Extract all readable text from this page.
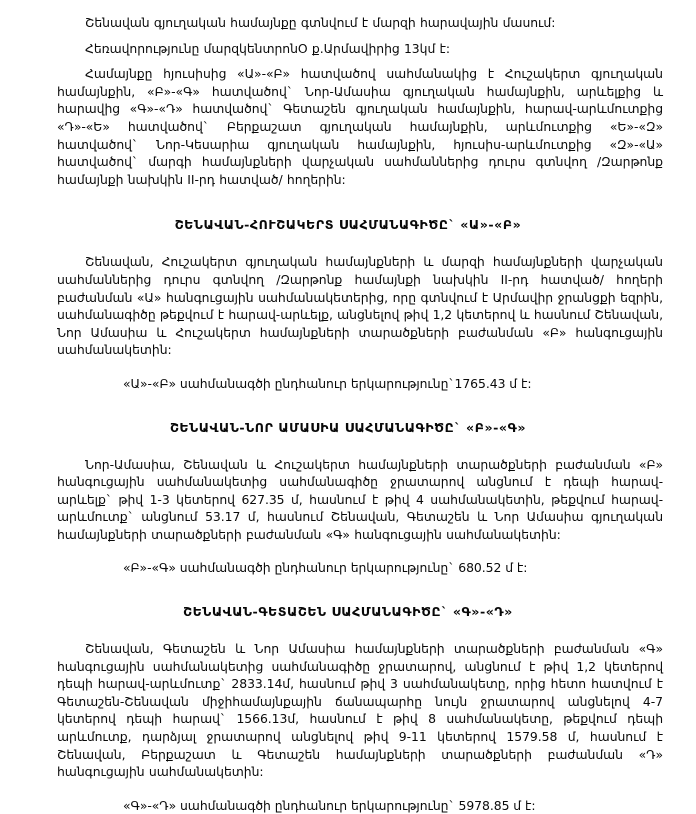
Շենավան գյուղական համայնքը գտնվում է մարզի հարավային մասում:

Հեռավորությունը մարզկենտրոնՕ ք.Արմավիրից 13կմ է:

Համայնքը հյուսիսից «Ա»-«Բ» հատվածով սահմանակից է Հուշակերտ գյուղական համայնքին, «Բ»-«Գ» հատվածով` Նոր-Ամասիա գյուղական համայնքին, արևելքից և հարավից «Գ»-«Դ» հատվածով` Գետաշեն գյուղական համայնքին, հարավ-արևմուտքից «Դ»-«Ե» հատվածով` Բերքաշատ գյուղական համայնքին, արևմուտքից «Ե»-«Զ» հատվածով` Նոր-Կեսարիա գյուղական համայնքին, հյուսիս-արևմուտքից «Զ»-«Ա» հատվածով` մարգի համայնքների վարչական սահմաններից դուրս գտնվող /Զարթոնք համայնքի նախկին II-րդ հատված/ հողերին:

ՇԵՆԱՎԱՆ-ՀՈՒՇԱԿԵՐՏ ՍԱՀՄԱՆԱԳԻԾԸ` «Ա»-«Բ»

Շենավան, Հուշակերտ գյուղական համայնքների և մարզի համայնքների վարչական սահմաններից դուրս գտնվող /Զարթոնք համայնքի նախկին II-րդ հատված/ հողերի բաժանման «Ա» հանգուցային սահմանակետերից, որը գտնվում է Արմավիր ջրանցքի եզրին, սահմանագիծը թեքվում է հարավ-արևելք, անցնելով թիվ 1,2 կետերով և հասնում Շենավան, Նոր Ամասիա և Հուշակերտ համայնքների տարածքների բաժանման «Բ» հանգուցային սահմանակետին:

«Ա»-«Բ» սահմանագծի ընդհանուր երկարությունը`1765.43 մ է:

ՇԵՆԱՎԱՆ-ՆՈՐ ԱՄԱՍԻԱ ՍԱՀՄԱՆԱԳԻԾԸ` «Բ»-«Գ»

Նոր-Ամասիա, Շենավան և Հուշակերտ համայնքների տարածքների բաժանման «Բ» հանգուցային սահմանակետից սահմանագիծը ջրատարով անցնում է դեպի հարավ-արևելք` թիվ 1-3 կետերով 627.35 մ, հասնում է թիվ 4 սահմանակետին, թեքվում հարավ-արևմուտք` անցնում 53.17 մ, հասնում Շենավան, Գետաշեն և Նոր Ամասիա գյուղական համայնքների տարածքների բաժանման «Գ» հանգուցային սահմանակետին:

«Բ»-«Գ» սահմանագծի ընդհանուր երկարությունը` 680.52 մ է:

ՇԵՆԱՎԱՆ-ԳԵՏԱՇԵՆ ՍԱՀՄԱՆԱԳԻԾԸ` «Գ»-«Դ»

Շենավան, Գետաշեն և Նոր Ամասիա համայնքների տարածքների բաժանման «Գ» հանգուցային սահմանակետից սահմանագիծը ջրատարով, անցնում է թիվ 1,2 կետերով դեպի հարավ-արևմուտք` 2833.14մ, հասնում թիվ 3 սահմանակետը, որից հետո հատվում է Գետաշեն-Շենավան միջիհամայնքային ճանապարհը նույն ջրատարով անցնելով 4-7 կետերով դեպի հարավ` 1566.13մ, հասնում է թիվ 8 սահմանակետը, թեքվում դեպի արևմուտք, դարձյալ ջրատարով անցնելով թիվ 9-11 կետերով 1579.58 մ, հասնում է Շենավան, Բերքաշատ և Գետաշեն համայնքների տարածքների բաժանման «Դ» հանգուցային սահմանակետին:

«Գ»-«Դ» սահմանագծի ընդհանուր երկարությունը` 5978.85 մ է:
